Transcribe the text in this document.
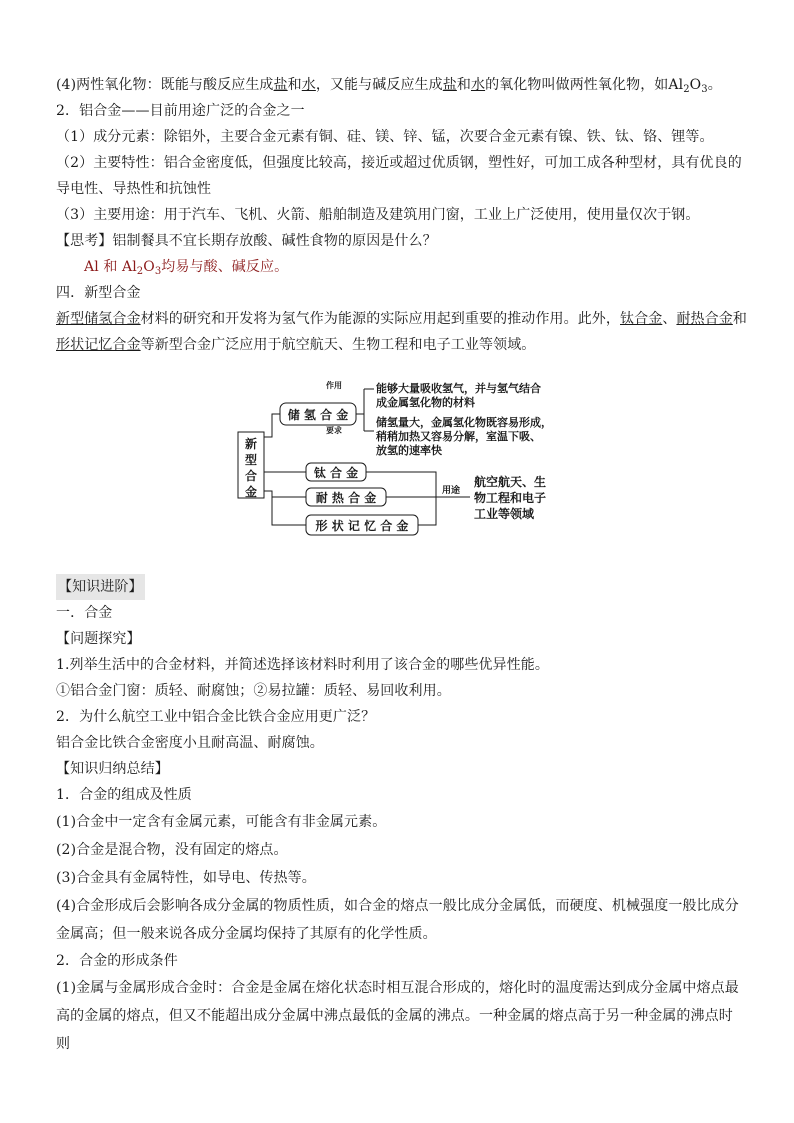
(4)两性氧化物：既能与酸反应生成盐和水，又能与碱反应生成盐和水的氧化物叫做两性氧化物，如$Al_2O_3$。
2．铝合金——目前用途广泛的合金之一
（1）成分元素：除铝外，主要合金元素有铜、硅、镁、锌、锰，次要合金元素有镍、铁、钛、铬、锂等。
（2）主要特性：铝合金密度低，但强度比较高，接近或超过优质钢，塑性好，可加工成各种型材，具有优良的
导电性、导热性和抗蚀性
（3）主要用途：用于汽车、飞机、火箭、船舶制造及建筑用门窗，工业上广泛使用，使用量仅次于钢。
【思考】铝制餐具不宜长期存放酸、碱性食物的原因是什么？
Al 和 $Al_2O_3$均易与酸、碱反应。
四．新型合金
新型储氢合金材料的研究和开发将为氢气作为能源的实际应用起到重要的推动作用。此外，钛合金、耐热合金和
形状记忆合金等新型合金广泛应用于航空航天、生物工程和电子工业等领域。
新
型
合
金
储 氢 合 金
作用	能够大量吸收氢气，并与氢气结合
成金属氢化物的材料
要求
储氢量大，金属氢化物既容易形成，
稍稍加热又容易分解，室温下吸、
放氢的速率快
钛 合 金
耐 热 合 金
形 状 记 忆 合 金
用途
航空航天、生
物工程和电子
工业等领域
【知识进阶】
一．合金
【问题探究】
1.列举生活中的合金材料，并简述选择该材料时利用了该合金的哪些优异性能。
①铝合金门窗：质轻、耐腐蚀；②易拉罐：质轻、易回收利用。
2．为什么航空工业中铝合金比铁合金应用更广泛？
铝合金比铁合金密度小且耐高温、耐腐蚀。
【知识归纳总结】
1．合金的组成及性质
(1)合金中一定含有金属元素，可能含有非金属元素。
(2)合金是混合物，没有固定的熔点。
(3)合金具有金属特性，如导电、传热等。
(4)合金形成后会影响各成分金属的物质性质，如合金的熔点一般比成分金属低，而硬度、机械强度一般比成分
金属高；但一般来说各成分金属均保持了其原有的化学性质。
2．合金的形成条件
(1)金属与金属形成合金时：合金是金属在熔化状态时相互混合形成的，熔化时的温度需达到成分金属中熔点最
高的金属的熔点，但又不能超出成分金属中沸点最低的金属的沸点。一种金属的熔点高于另一种金属的沸点时则
